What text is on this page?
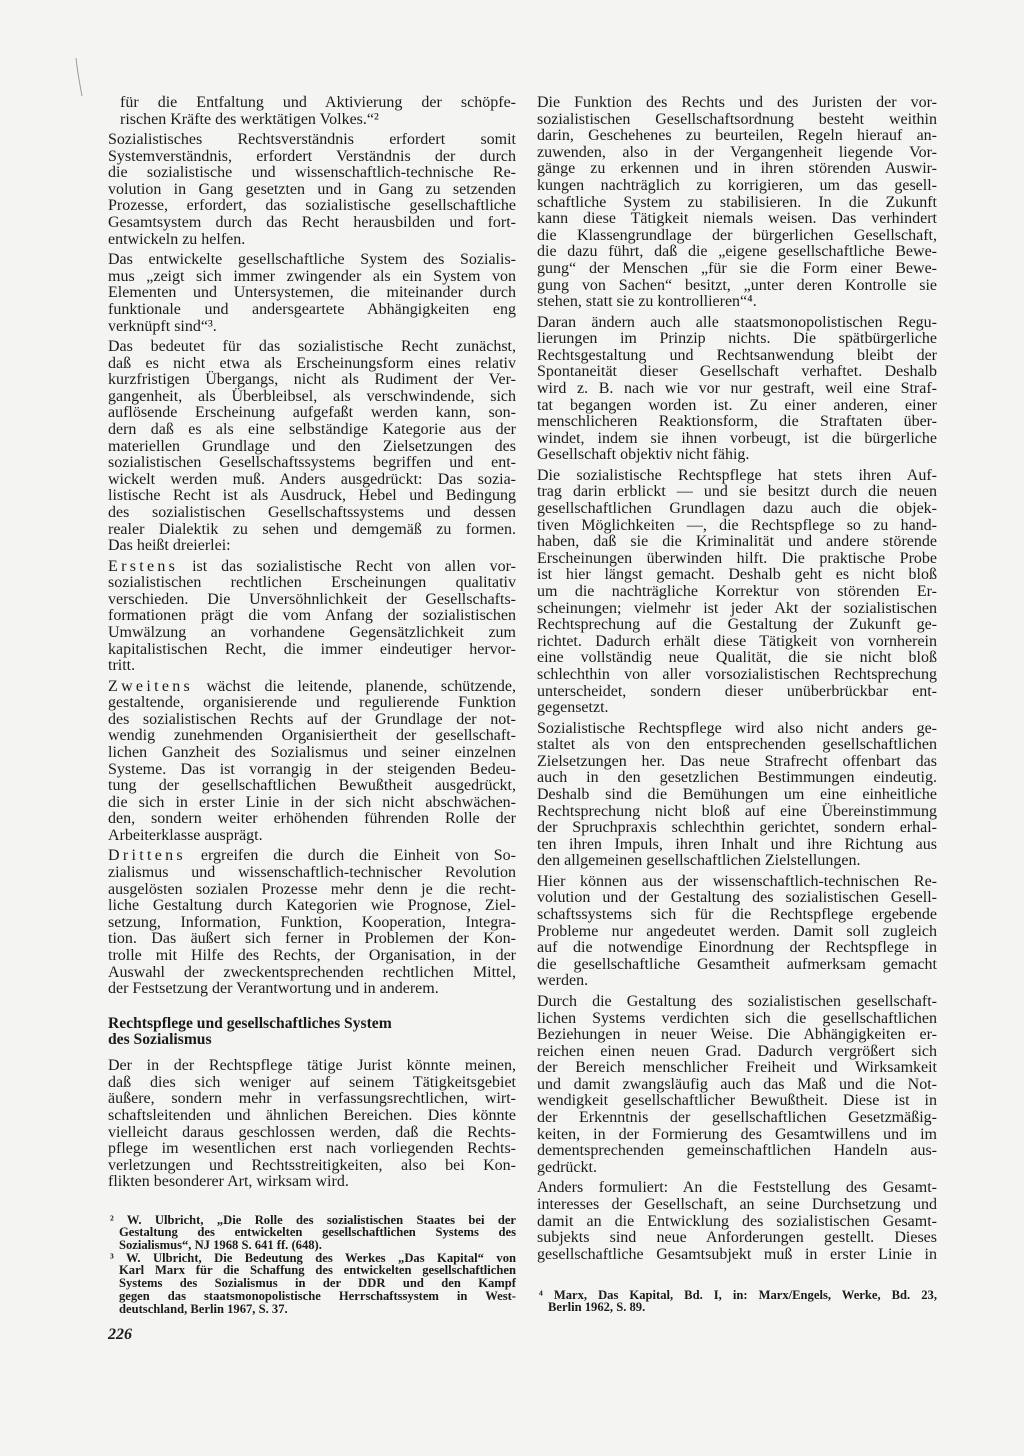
für die Entfaltung und Aktivierung der schöpfe-
rischen Kräfte des werktätigen Volkes.“²
Sozialistisches Rechtsverständnis erfordert somit
Systemverständnis, erfordert Verständnis der durch
die sozialistische und wissenschaftlich-technische Re-
volution in Gang gesetzten und in Gang zu setzenden
Prozesse, erfordert, das sozialistische gesellschaftliche
Gesamtsystem durch das Recht herausbilden und fort-
entwickeln zu helfen.
Das entwickelte gesellschaftliche System des Sozialis-
mus „zeigt sich immer zwingender als ein System von
Elementen und Untersystemen, die miteinander durch
funktionale und andersgeartete Abhängigkeiten eng
verknüpft sind“³.
Das bedeutet für das sozialistische Recht zunächst,
daß es nicht etwa als Erscheinungsform eines relativ
kurzfristigen Übergangs, nicht als Rudiment der Ver-
gangenheit, als Überbleibsel, als verschwindende, sich
auflösende Erscheinung aufgefaßt werden kann, son-
dern daß es als eine selbständige Kategorie aus der
materiellen Grundlage und den Zielsetzungen des
sozialistischen Gesellschaftssystems begriffen und ent-
wickelt werden muß. Anders ausgedrückt: Das sozia-
listische Recht ist als Ausdruck, Hebel und Bedingung
des sozialistischen Gesellschaftssystems und dessen
realer Dialektik zu sehen und demgemäß zu formen.
Das heißt dreierlei:
Erstens ist das sozialistische Recht von allen vor-
sozialistischen rechtlichen Erscheinungen qualitativ
verschieden. Die Unversöhnlichkeit der Gesellschafts-
formationen prägt die vom Anfang der sozialistischen
Umwälzung an vorhandene Gegensätzlichkeit zum
kapitalistischen Recht, die immer eindeutiger hervor-
tritt.
Zweitens wächst die leitende, planende, schützende,
gestaltende, organisierende und regulierende Funktion
des sozialistischen Rechts auf der Grundlage der not-
wendig zunehmenden Organisiertheit der gesellschaft-
lichen Ganzheit des Sozialismus und seiner einzelnen
Systeme. Das ist vorrangig in der steigenden Bedeu-
tung der gesellschaftlichen Bewußtheit ausgedrückt,
die sich in erster Linie in der sich nicht abschwächen-
den, sondern weiter erhöhenden führenden Rolle der
Arbeiterklasse ausprägt.
Drittens ergreifen die durch die Einheit von So-
zialismus und wissenschaftlich-technischer Revolution
ausgelösten sozialen Prozesse mehr denn je die recht-
liche Gestaltung durch Kategorien wie Prognose, Ziel-
setzung, Information, Funktion, Kooperation, Integra-
tion. Das äußert sich ferner in Problemen der Kon-
trolle mit Hilfe des Rechts, der Organisation, in der
Auswahl der zweckentsprechenden rechtlichen Mittel,
der Festsetzung der Verantwortung und in anderem.
Rechtspflege und gesellschaftliches System
des Sozialismus
Der in der Rechtspflege tätige Jurist könnte meinen,
daß dies sich weniger auf seinem Tätigkeitsgebiet
äußere, sondern mehr in verfassungsrechtlichen, wirt-
schaftsleitenden und ähnlichen Bereichen. Dies könnte
vielleicht daraus geschlossen werden, daß die Rechts-
pflege im wesentlichen erst nach vorliegenden Rechts-
verletzungen und Rechtsstreitigkeiten, also bei Kon-
flikten besonderer Art, wirksam wird.
Die Funktion des Rechts und des Juristen der vor-
sozialistischen Gesellschaftsordnung besteht weithin
darin, Geschehenes zu beurteilen, Regeln hierauf an-
zuwenden, also in der Vergangenheit liegende Vor-
gänge zu erkennen und in ihren störenden Auswir-
kungen nachträglich zu korrigieren, um das gesell-
schaftliche System zu stabilisieren. In die Zukunft
kann diese Tätigkeit niemals weisen. Das verhindert
die Klassengrundlage der bürgerlichen Gesellschaft,
die dazu führt, daß die „eigene gesellschaftliche Bewe-
gung“ der Menschen „für sie die Form einer Bewe-
gung von Sachen“ besitzt, „unter deren Kontrolle sie
stehen, statt sie zu kontrollieren“⁴.
Daran ändern auch alle staatsmonopolistischen Regu-
lierungen im Prinzip nichts. Die spätbürgerliche
Rechtsgestaltung und Rechtsanwendung bleibt der
Spontaneität dieser Gesellschaft verhaftet. Deshalb
wird z. B. nach wie vor nur gestraft, weil eine Straf-
tat begangen worden ist. Zu einer anderen, einer
menschlicheren Reaktionsform, die Straftaten über-
windet, indem sie ihnen vorbeugt, ist die bürgerliche
Gesellschaft objektiv nicht fähig.
Die sozialistische Rechtspflege hat stets ihren Auf-
trag darin erblickt — und sie besitzt durch die neuen
gesellschaftlichen Grundlagen dazu auch die objek-
tiven Möglichkeiten —, die Rechtspflege so zu hand-
haben, daß sie die Kriminalität und andere störende
Erscheinungen überwinden hilft. Die praktische Probe
ist hier längst gemacht. Deshalb geht es nicht bloß
um die nachträgliche Korrektur von störenden Er-
scheinungen; vielmehr ist jeder Akt der sozialistischen
Rechtsprechung auf die Gestaltung der Zukunft ge-
richtet. Dadurch erhält diese Tätigkeit von vornherein
eine vollständig neue Qualität, die sie nicht bloß
schlechthin von aller vorsozialistischen Rechtsprechung
unterscheidet, sondern dieser unüberbrückbar ent-
gegensetzt.
Sozialistische Rechtspflege wird also nicht anders ge-
staltet als von den entsprechenden gesellschaftlichen
Zielsetzungen her. Das neue Strafrecht offenbart das
auch in den gesetzlichen Bestimmungen eindeutig.
Deshalb sind die Bemühungen um eine einheitliche
Rechtsprechung nicht bloß auf eine Übereinstimmung
der Spruchpraxis schlechthin gerichtet, sondern erhal-
ten ihren Impuls, ihren Inhalt und ihre Richtung aus
den allgemeinen gesellschaftlichen Zielstellungen.
Hier können aus der wissenschaftlich-technischen Re-
volution und der Gestaltung des sozialistischen Gesell-
schaftssystems sich für die Rechtspflege ergebende
Probleme nur angedeutet werden. Damit soll zugleich
auf die notwendige Einordnung der Rechtspflege in
die gesellschaftliche Gesamtheit aufmerksam gemacht
werden.
Durch die Gestaltung des sozialistischen gesellschaft-
lichen Systems verdichten sich die gesellschaftlichen
Beziehungen in neuer Weise. Die Abhängigkeiten er-
reichen einen neuen Grad. Dadurch vergrößert sich
der Bereich menschlicher Freiheit und Wirksamkeit
und damit zwangsläufig auch das Maß und die Not-
wendigkeit gesellschaftlicher Bewußtheit. Diese ist in
der Erkenntnis der gesellschaftlichen Gesetzmäßig-
keiten, in der Formierung des Gesamtwillens und im
dementsprechenden gemeinschaftlichen Handeln aus-
gedrückt.
Anders formuliert: An die Feststellung des Gesamt-
interesses der Gesellschaft, an seine Durchsetzung und
damit an die Entwicklung des sozialistischen Gesamt-
subjekts sind neue Anforderungen gestellt. Dieses
gesellschaftliche Gesamtsubjekt muß in erster Linie in
² W. Ulbricht, „Die Rolle des sozialistischen Staates bei der
Gestaltung des entwickelten gesellschaftlichen Systems des
Sozialismus“, NJ 1968 S. 641 ff. (648).
³ W. Ulbricht, Die Bedeutung des Werkes „Das Kapital“ von
Karl Marx für die Schaffung des entwickelten gesellschaftlichen
Systems des Sozialismus in der DDR und den Kampf
gegen das staatsmonopolistische Herrschaftssystem in West-
deutschland, Berlin 1967, S. 37.
⁴ Marx, Das Kapital, Bd. I, in: Marx/Engels, Werke, Bd. 23,
Berlin 1962, S. 89.
226
